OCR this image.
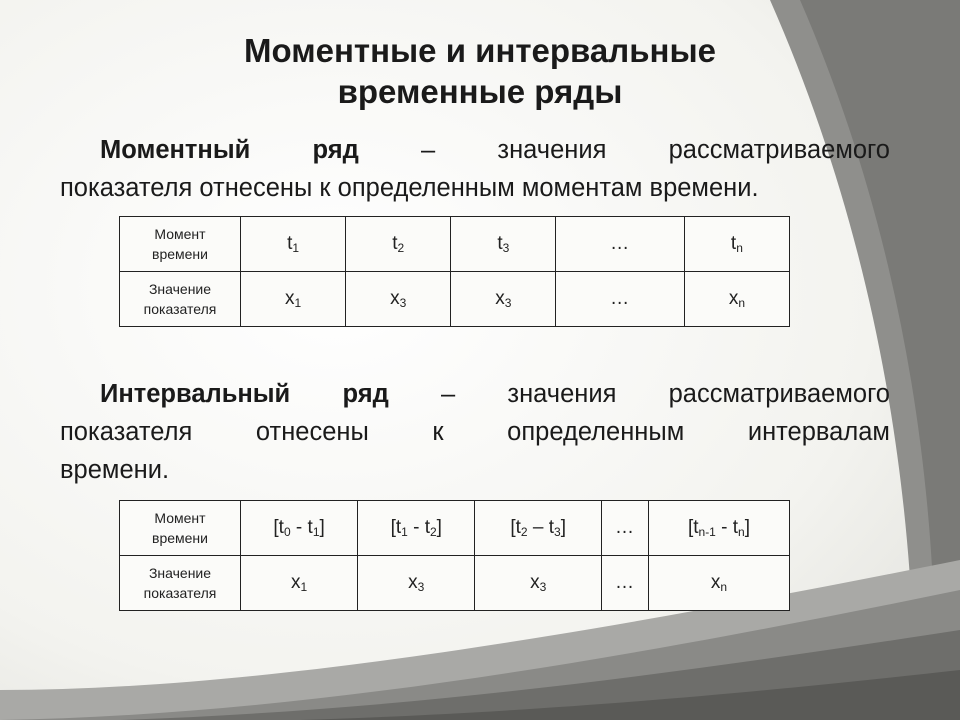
Моментные и интервальные
временные ряды
Моментный ряд – значения рассматриваемого
показателя отнесены к определенным моментам времени.
Момент
времени	$t_1$	$t_2$	$t_3$	…	$t_n$

Значение
показателя	$x_1$	$x_3$	$x_3$	…	$x_n$
Интервальный ряд – значения рассматриваемого
показателя отнесены к определенным интервалам
времени.
Момент
времени	$[t_0 - t_1]$	$[t_1 - t_2]$	$[t_2 - t_3]$	…	$[t_{n-1} - t_n]$

Значение
показателя	$x_1$	$x_3$	$x_3$	…	$x_n$
